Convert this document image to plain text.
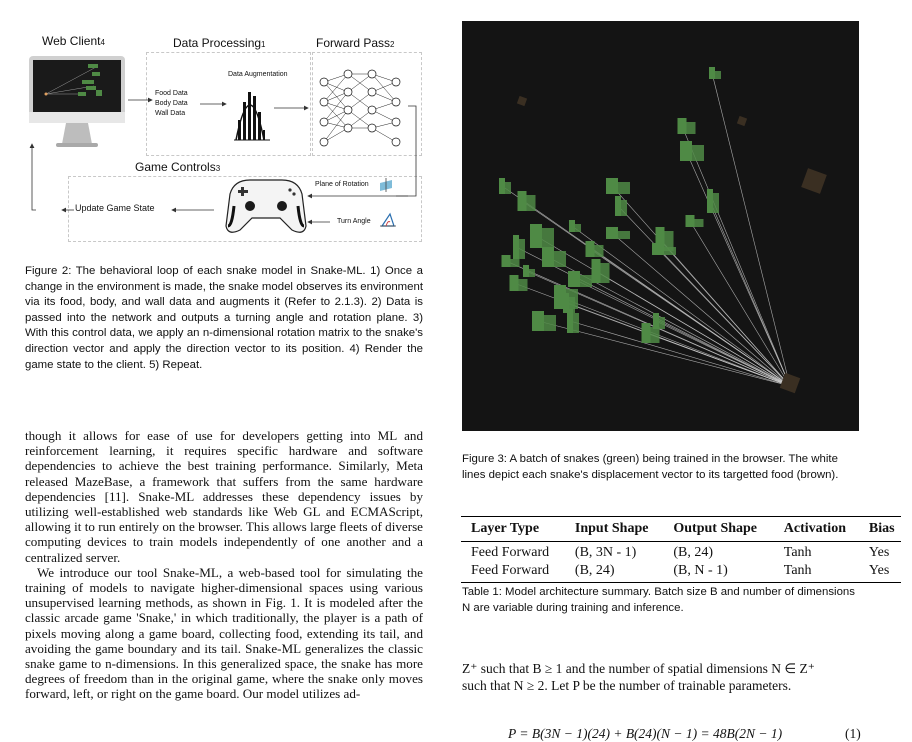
Web Client4	Data Processing1	Forward Pass2
Game Controls3
Food Data
Body Data
Wall Data
Data Augmentation
Plane of Rotation
Turn Angle
Update Game State
Figure 2: The behavioral loop of each snake model in Snake-ML. 1) Once a change in the environment is made, the snake model observes its environment via its food, body, and wall data and augments it (Refer to 2.1.3). 2) Data is passed into the network and outputs a turning angle and rotation plane. 3) With this control data, we apply an n-dimensional rotation matrix to the snake's direction vector and apply the direction vector to its position. 4) Render the game state to the client. 5) Repeat.

though it allows for ease of use for developers getting into ML and reinforcement learning, it requires specific hardware and software dependencies to achieve the best training performance. Similarly, Meta released MazeBase, a framework that suffers from the same hardware dependencies [11]. Snake-ML addresses these dependency issues by utilizing well-established web standards like Web GL and ECMAScript, allowing it to run entirely on the browser. This allows large fleets of diverse computing devices to train models independently of one another and a centralized server.

We introduce our tool Snake-ML, a web-based tool for simulating the training of models to navigate higher-dimensional spaces using various unsupervised learning methods, as shown in Fig. 1. It is modeled after the classic arcade game 'Snake,' in which traditionally, the player is a path of pixels moving along a game board, collecting food, extending its tail, and avoiding the game boundary and its tail. Snake-ML generalizes the classic snake game to n-dimensions. In this generalized space, the snake has more degrees of freedom than in the original game, where the snake only moves forward, left, or right on the game board. Our model utilizes ad-

Figure 3: A batch of snakes (green) being trained in the browser. The white lines depict each snake's displacement vector to its targetted food (brown).
Layer Type	Input Shape	Output Shape	Activation	Bias
Feed Forward	(B, 3N - 1)	(B, 24)	Tanh	Yes
Feed Forward	(B, 24)	(B, N - 1)	Tanh	Yes
Table 1: Model architecture summary. Batch size B and number of dimensions N are variable during training and inference.
Z⁺ such that B ≥ 1 and the number of spatial dimensions N ∈ Z⁺
such that N ≥ 2. Let P be the number of trainable parameters.
P = B(3N − 1)(24) + B(24)(N − 1) = 48B(2N − 1)	(1)
